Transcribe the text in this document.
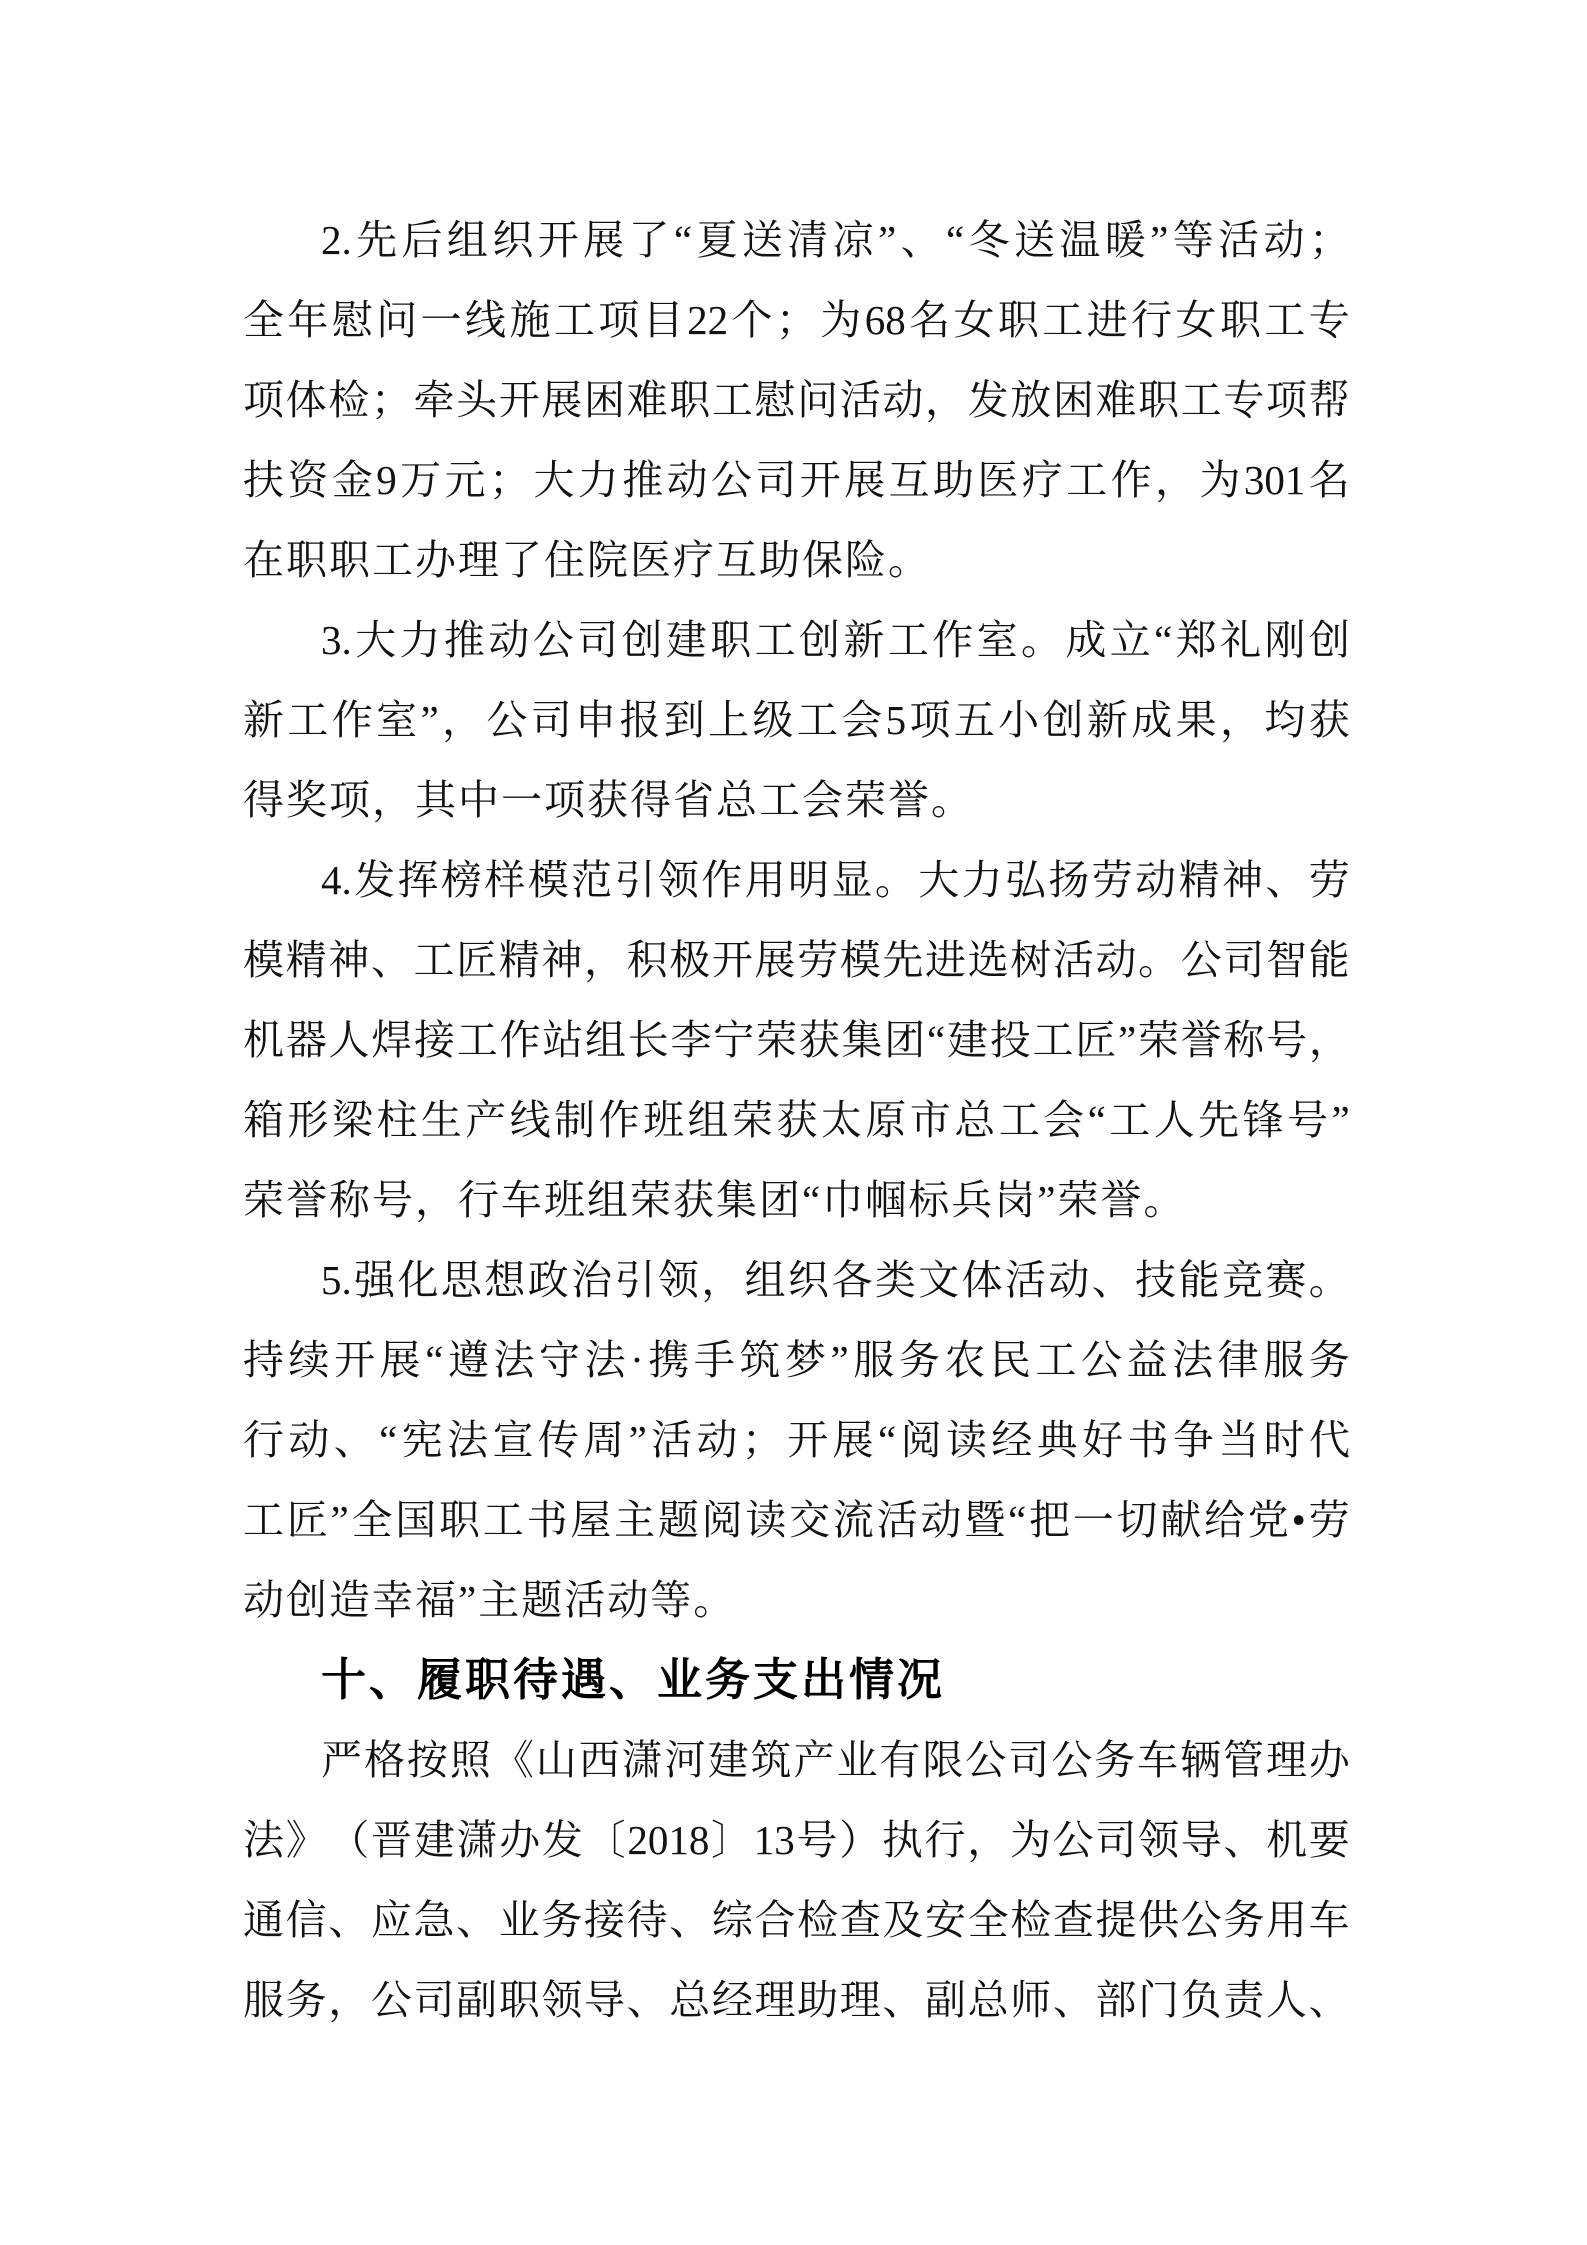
2. 先 后 组 织 开 展 了 “ 夏 送 清 凉 ” 、 “ 冬 送 温 暖 ” 等 活 动 ；
全 年 慰 问 一 线 施 工 项 目 22 个 ； 为 68 名 女 职 工 进 行 女 职 工 专
项 体 检 ； 牵 头 开 展 困 难 职 工 慰 问 活 动 ， 发 放 困 难 职 工 专 项 帮
扶 资 金 9 万 元 ； 大 力 推 动 公 司 开 展 互 助 医 疗 工 作 ， 为 301 名
在职职工办理了住院医疗互助保险。
3. 大 力 推 动 公 司 创 建 职 工 创 新 工 作 室 。 成 立 “ 郑 礼 刚 创
新 工 作 室 ” ， 公 司 申 报 到 上 级 工 会 5 项 五 小 创 新 成 果 ， 均 获
得奖项，其中一项获得省总工会荣誉。
4. 发 挥 榜 样 模 范 引 领 作 用 明 显 。 大 力 弘 扬 劳 动 精 神 、 劳
模 精 神 、 工 匠 精 神 ， 积 极 开 展 劳 模 先 进 选 树 活 动 。 公 司 智 能
机 器 人 焊 接 工 作 站 组 长 李 宁 荣 获 集 团 “ 建 投 工 匠 ” 荣 誉 称 号 ，
箱 形 梁 柱 生 产 线 制 作 班 组 荣 获 太 原 市 总 工 会 “ 工 人 先 锋 号 ”
荣誉称号，行车班组荣获集团“巾帼标兵岗”荣誉。
5. 强 化 思 想 政 治 引 领 ， 组 织 各 类 文 体 活 动 、 技 能 竞 赛 。
持 续 开 展 “ 遵 法 守 法 · 携 手 筑 梦 ” 服 务 农 民 工 公 益 法 律 服 务
行 动 、 “ 宪 法 宣 传 周 ” 活 动 ； 开 展 “ 阅 读 经 典 好 书 争 当 时 代
工 匠 ” 全 国 职 工 书 屋 主 题 阅 读 交 流 活 动 暨 “ 把 一 切 献 给 党 • 劳
动创造幸福”主题活动等。
十、履职待遇、业务支出情况
严 格 按 照 《 山 西 潇 河 建 筑 产 业 有 限 公 司 公 务 车 辆 管 理 办
法 》 （ 晋 建 潇 办 发 〔 2018 〕 13 号 ） 执 行 ， 为 公 司 领 导 、 机 要
通 信 、 应 急 、 业 务 接 待 、 综 合 检 查 及 安 全 检 查 提 供 公 务 用 车
服 务 ， 公 司 副 职 领 导 、 总 经 理 助 理 、 副 总 师 、 部 门 负 责 人 、
